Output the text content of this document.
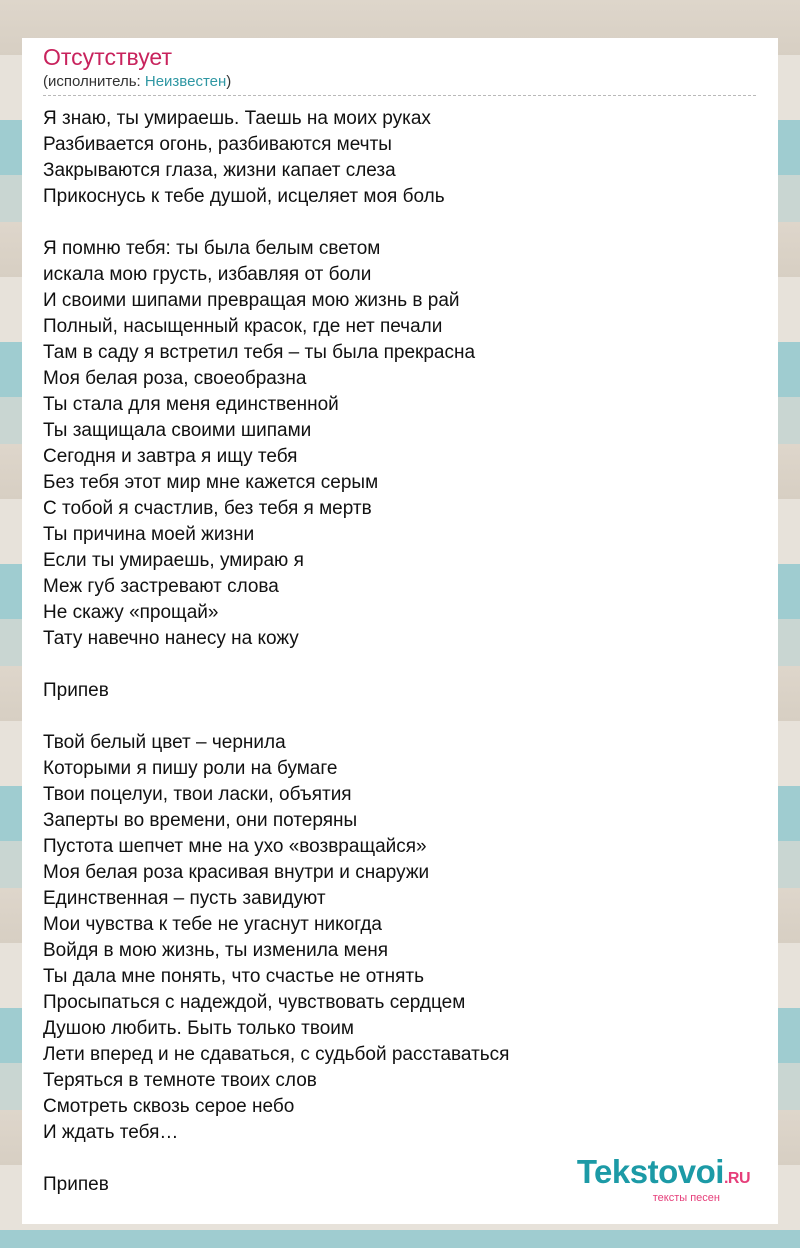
Отсутствует
(исполнитель: Неизвестен)
Я знаю, ты умираешь. Таешь на моих руках
Разбивается огонь, разбиваются мечты
Закрываются глаза, жизни капает слеза
Прикоснусь к тебе душой, исцеляет моя боль
Я помню тебя: ты была белым светом
искала мою грусть, избавляя от боли
И своими шипами превращая мою жизнь в рай
Полный, насыщенный красок, где нет печали
Там в саду я встретил тебя – ты была прекрасна
Моя белая роза, своеобразна
Ты стала для меня единственной
Ты защищала своими шипами
Сегодня и завтра я ищу тебя
Без тебя этот мир мне кажется серым
С тобой я счастлив, без тебя я мертв
Ты причина моей жизни
Если ты умираешь, умираю я
Меж губ застревают слова
Не скажу «прощай»
Тату навечно нанесу на кожу
Припев
Твой белый цвет – чернила
Которыми я пишу роли на бумаге
Твои поцелуи, твои ласки, объятия
Заперты во времени, они потеряны
Пустота шепчет мне на ухо «возвращайся»
Моя белая роза красивая внутри и снаружи
Единственная – пусть завидуют
Мои чувства к тебе не угаснут никогда
Войдя в мою жизнь, ты изменила меня
Ты дала мне понять, что счастье не отнять
Просыпаться с надеждой, чувствовать сердцем
Душою любить. Быть только твоим
Лети вперед и не сдаваться, с судьбой расставаться
Теряться в темноте твоих слов
Смотреть сквозь серое небо
И ждать тебя…
Припев	Tekstovoi.RU
тексты песен
